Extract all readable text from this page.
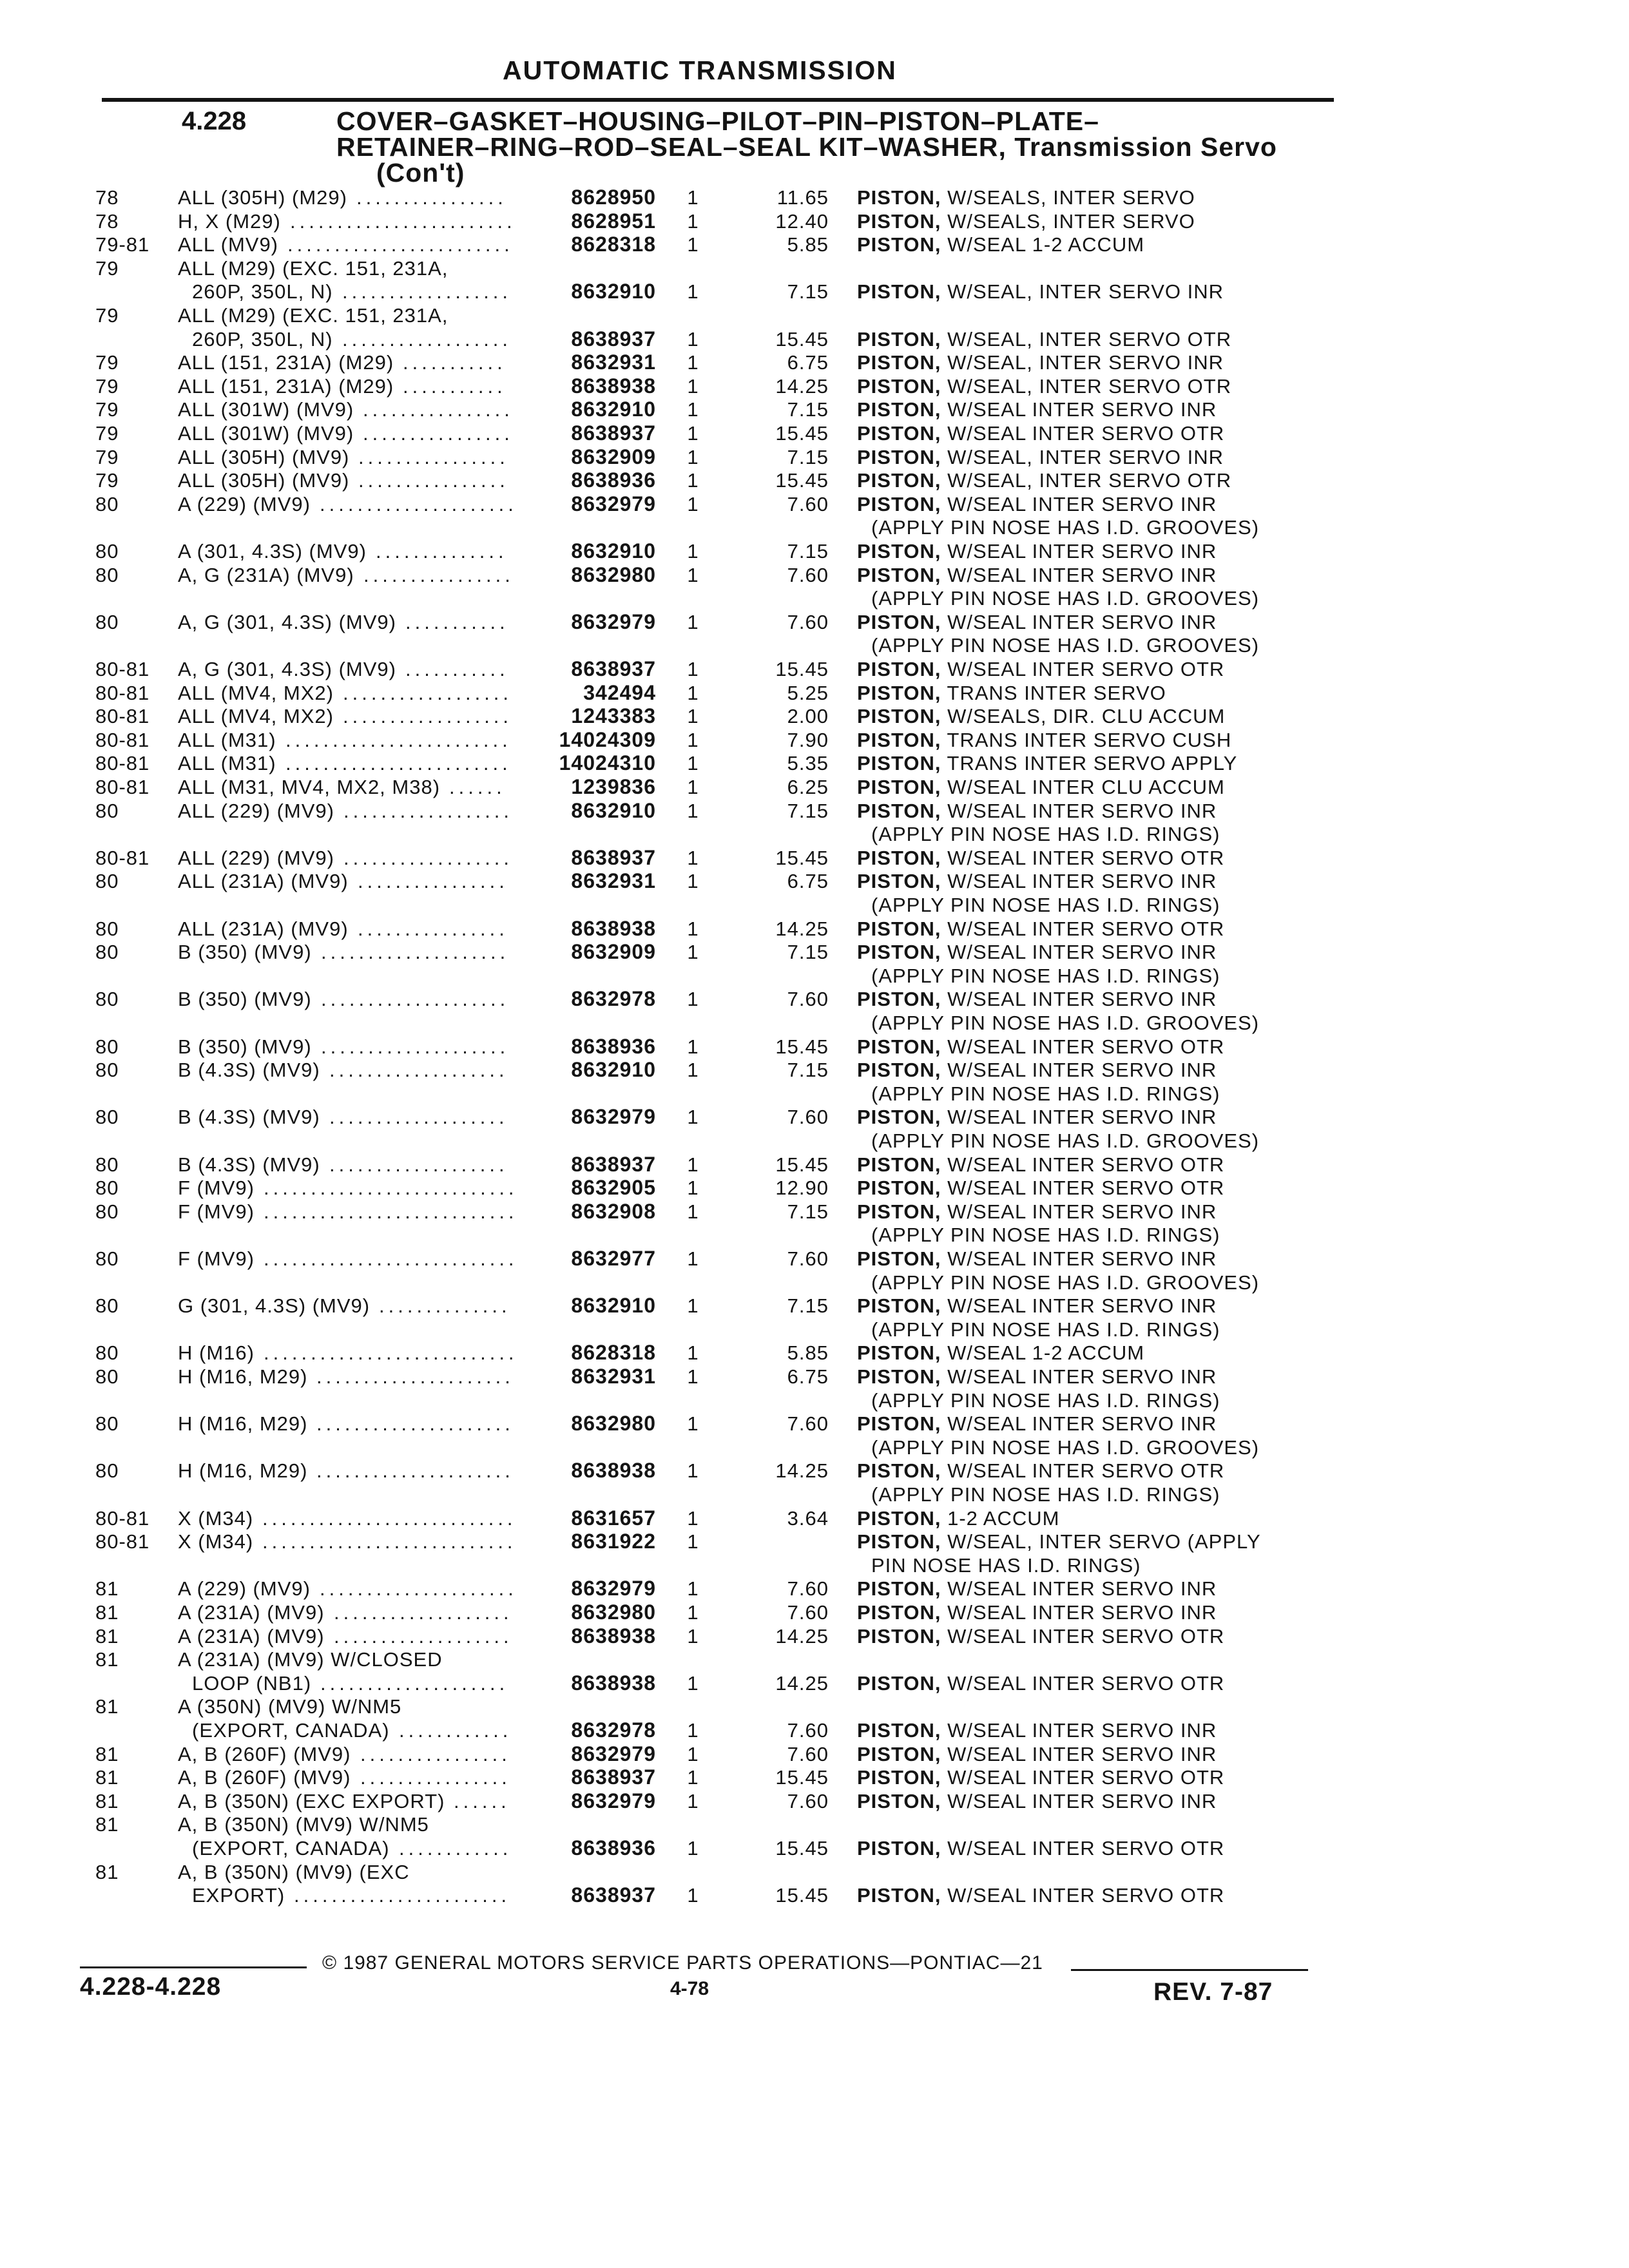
AUTOMATIC TRANSMISSION
4.228	COVER–GASKET–HOUSING–PILOT–PIN–PISTON–PLATE–
RETAINER–RING–ROD–SEAL–SEAL KIT–WASHER, Transmission Servo
(Con't)
78	ALL (305H) (M29) ................	8628950 1	11.65 PISTON, W/SEALS, INTER SERVO
78	H, X (M29) ........................	8628951 1	12.40 PISTON, W/SEALS, INTER SERVO
79-81 ALL (MV9) ........................	8628318 1	5.85 PISTON, W/SEAL 1-2 ACCUM
79	ALL (M29) (EXC. 151, 231A,
260P, 350L, N) ..................	8632910 1	7.15 PISTON, W/SEAL, INTER SERVO INR
79	ALL (M29) (EXC. 151, 231A,
260P, 350L, N) ..................	8638937 1	15.45 PISTON, W/SEAL, INTER SERVO OTR
79	ALL (151, 231A) (M29) ...........	8632931 1	6.75 PISTON, W/SEAL, INTER SERVO INR
79	ALL (151, 231A) (M29) ...........	8638938 1	14.25 PISTON, W/SEAL, INTER SERVO OTR
79	ALL (301W) (MV9) ................	8632910 1	7.15 PISTON, W/SEAL INTER SERVO INR
79	ALL (301W) (MV9) ................	8638937 1	15.45 PISTON, W/SEAL INTER SERVO OTR
79	ALL (305H) (MV9) ................	8632909 1	7.15 PISTON, W/SEAL, INTER SERVO INR
79	ALL (305H) (MV9) ................	8638936 1	15.45 PISTON, W/SEAL, INTER SERVO OTR
80	A (229) (MV9) .....................	8632979 1	7.60 PISTON, W/SEAL INTER SERVO INR
(APPLY PIN NOSE HAS I.D. GROOVES)
80	A (301, 4.3S) (MV9) ..............	8632910 1	7.15 PISTON, W/SEAL INTER SERVO INR
80	A, G (231A) (MV9) ................	8632980 1	7.60 PISTON, W/SEAL INTER SERVO INR
(APPLY PIN NOSE HAS I.D. GROOVES)
80	A, G (301, 4.3S) (MV9) ...........	8632979 1	7.60 PISTON, W/SEAL INTER SERVO INR
(APPLY PIN NOSE HAS I.D. GROOVES)
80-81 A, G (301, 4.3S) (MV9) ...........	8638937 1	15.45 PISTON, W/SEAL INTER SERVO OTR
80-81 ALL (MV4, MX2) ..................	342494 1	5.25 PISTON, TRANS INTER SERVO
80-81 ALL (MV4, MX2) ..................	1243383 1	2.00 PISTON, W/SEALS, DIR. CLU ACCUM
80-81 ALL (M31) ........................	14024309 1	7.90 PISTON, TRANS INTER SERVO CUSH
80-81 ALL (M31) ........................	14024310 1	5.35 PISTON, TRANS INTER SERVO APPLY
80-81 ALL (M31, MV4, MX2, M38) ......	1239836 1	6.25 PISTON, W/SEAL INTER CLU ACCUM
80	ALL (229) (MV9) ..................	8632910 1	7.15 PISTON, W/SEAL INTER SERVO INR
(APPLY PIN NOSE HAS I.D. RINGS)
80-81 ALL (229) (MV9) ..................	8638937 1	15.45 PISTON, W/SEAL INTER SERVO OTR
80	ALL (231A) (MV9) ................	8632931 1	6.75 PISTON, W/SEAL INTER SERVO INR
(APPLY PIN NOSE HAS I.D. RINGS)
80	ALL (231A) (MV9) ................	8638938 1	14.25 PISTON, W/SEAL INTER SERVO OTR
80	B (350) (MV9) ....................	8632909 1	7.15 PISTON, W/SEAL INTER SERVO INR
(APPLY PIN NOSE HAS I.D. RINGS)
80	B (350) (MV9) ....................	8632978 1	7.60 PISTON, W/SEAL INTER SERVO INR
(APPLY PIN NOSE HAS I.D. GROOVES)
80	B (350) (MV9) ....................	8638936 1	15.45 PISTON, W/SEAL INTER SERVO OTR
80	B (4.3S) (MV9) ...................	8632910 1	7.15 PISTON, W/SEAL INTER SERVO INR
(APPLY PIN NOSE HAS I.D. RINGS)
80	B (4.3S) (MV9) ...................	8632979 1	7.60 PISTON, W/SEAL INTER SERVO INR
(APPLY PIN NOSE HAS I.D. GROOVES)
80	B (4.3S) (MV9) ...................	8638937 1	15.45 PISTON, W/SEAL INTER SERVO OTR
80	F (MV9) ...........................	8632905 1	12.90 PISTON, W/SEAL INTER SERVO OTR
80	F (MV9) ...........................	8632908 1	7.15 PISTON, W/SEAL INTER SERVO INR
(APPLY PIN NOSE HAS I.D. RINGS)
80	F (MV9) ...........................	8632977 1	7.60 PISTON, W/SEAL INTER SERVO INR
(APPLY PIN NOSE HAS I.D. GROOVES)
80	G (301, 4.3S) (MV9) ..............	8632910 1	7.15 PISTON, W/SEAL INTER SERVO INR
(APPLY PIN NOSE HAS I.D. RINGS)
80	H (M16) ...........................	8628318 1	5.85 PISTON, W/SEAL 1-2 ACCUM
80	H (M16, M29) .....................	8632931 1	6.75 PISTON, W/SEAL INTER SERVO INR
(APPLY PIN NOSE HAS I.D. RINGS)
80	H (M16, M29) .....................	8632980 1	7.60 PISTON, W/SEAL INTER SERVO INR
(APPLY PIN NOSE HAS I.D. GROOVES)
80	H (M16, M29) .....................	8638938 1	14.25 PISTON, W/SEAL INTER SERVO OTR
(APPLY PIN NOSE HAS I.D. RINGS)
80-81 X (M34) ...........................	8631657 1	3.64 PISTON, 1-2 ACCUM
80-81 X (M34) ...........................	8631922 1	PISTON, W/SEAL, INTER SERVO (APPLY
PIN NOSE HAS I.D. RINGS)
81	A (229) (MV9) .....................	8632979 1	7.60 PISTON, W/SEAL INTER SERVO INR
81	A (231A) (MV9) ...................	8632980 1	7.60 PISTON, W/SEAL INTER SERVO INR
81	A (231A) (MV9) ...................	8638938 1	14.25 PISTON, W/SEAL INTER SERVO OTR
81	A (231A) (MV9) W/CLOSED
LOOP (NB1) ....................	8638938 1	14.25 PISTON, W/SEAL INTER SERVO OTR
81	A (350N) (MV9) W/NM5
(EXPORT, CANADA) ............	8632978 1	7.60 PISTON, W/SEAL INTER SERVO INR
81	A, B (260F) (MV9) ................	8632979 1	7.60 PISTON, W/SEAL INTER SERVO INR
81	A, B (260F) (MV9) ................	8638937 1	15.45 PISTON, W/SEAL INTER SERVO OTR
81	A, B (350N) (EXC EXPORT) ......	8632979 1	7.60 PISTON, W/SEAL INTER SERVO INR
81	A, B (350N) (MV9) W/NM5
(EXPORT, CANADA) ............	8638936 1	15.45 PISTON, W/SEAL INTER SERVO OTR
81	A, B (350N) (MV9) (EXC
EXPORT) .......................	8638937 1	15.45 PISTON, W/SEAL INTER SERVO OTR
© 1987 GENERAL MOTORS SERVICE PARTS OPERATIONS—PONTIAC—21
4.228-4.228	4-78	REV. 7-87
